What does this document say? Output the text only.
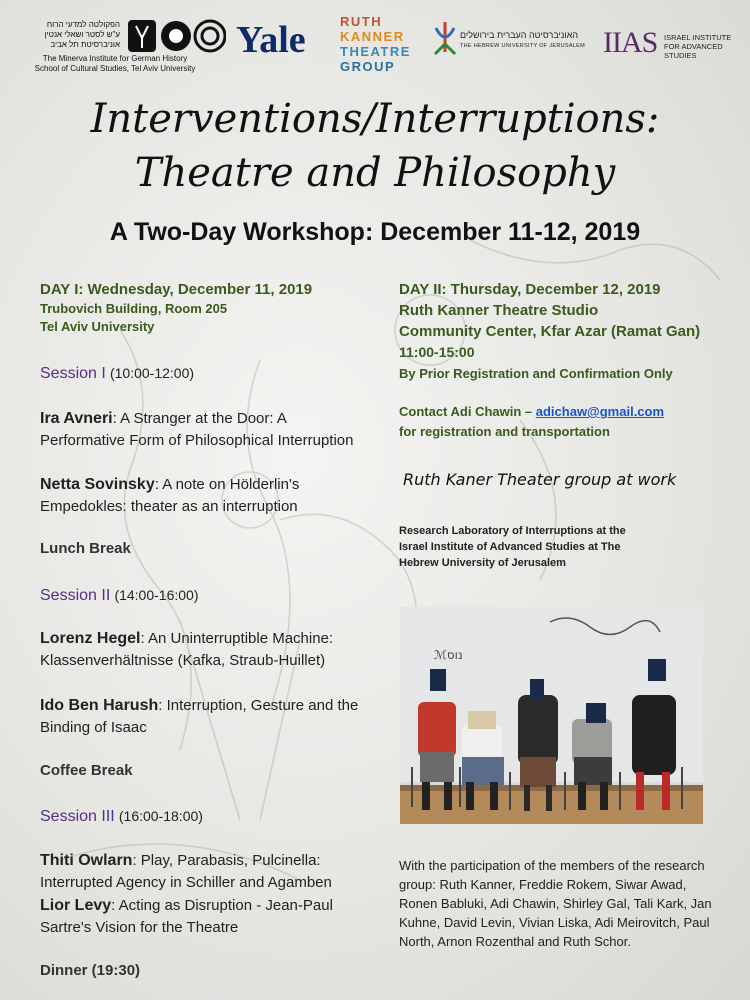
הפקולטה למדעי הרוח
ע"ש לסטר ושאלי אנטין
אוניברסיטת תל אביב
The Minerva Institute for German History
School of Cultural Studies, Tel Aviv University
Yale	RUTH
KANNER
THEATRE
GROUP
האוניברסיטה העברית בירושלים
THE HEBREW UNIVERSITY OF JERUSALEM IIAS ISRAEL INSTITUTE
FOR ADVANCED
STUDIES
Interventions/Interruptions:
Theatre and Philosophy
A Two-Day Workshop: December 11-12, 2019
DAY I: Wednesday, December 11, 2019
Trubovich Building, Room 205
Tel Aviv University
Session I (10:00-12:00)
Ira Avneri: A Stranger at the Door: A Performative Form of Philosophical Interruption
Netta Sovinsky: A note on Hölderlin's Empedokles: theater as an interruption
Lunch Break
Session II (14:00-16:00)
Lorenz Hegel: An Uninterruptible Machine: Klassenverhältnisse (Kafka, Straub-Huillet)
Ido Ben Harush: Interruption, Gesture and the Binding of Isaac
Coffee Break
Session III (16:00-18:00)
Thiti Owlarn: Play, Parabasis, Pulcinella: Interrupted Agency in Schiller and Agamben
Lior Levy: Acting as Disruption - Jean-Paul Sartre's Vision for the Theatre
Dinner (19:30)
DAY II: Thursday, December 12, 2019
Ruth Kanner Theatre Studio
Community Center, Kfar Azar (Ramat Gan)
11:00-15:00
By Prior Registration and Confirmation Only
Contact Adi Chawin – adichaw@gmail.com
for registration and transportation
Ruth Kaner Theater group at work
Research Laboratory of Interruptions at the
Israel Institute of Advanced Studies at The
Hebrew University of Jerusalem
ℳנוס
With the participation of the members of the research group: Ruth Kanner, Freddie Rokem, Siwar Awad, Ronen Babluki, Adi Chawin, Shirley Gal, Tali Kark, Jan Kuhne, David Levin, Vivian Liska, Adi Meirovitch, Paul North, Arnon Rozenthal and Ruth Schor.
